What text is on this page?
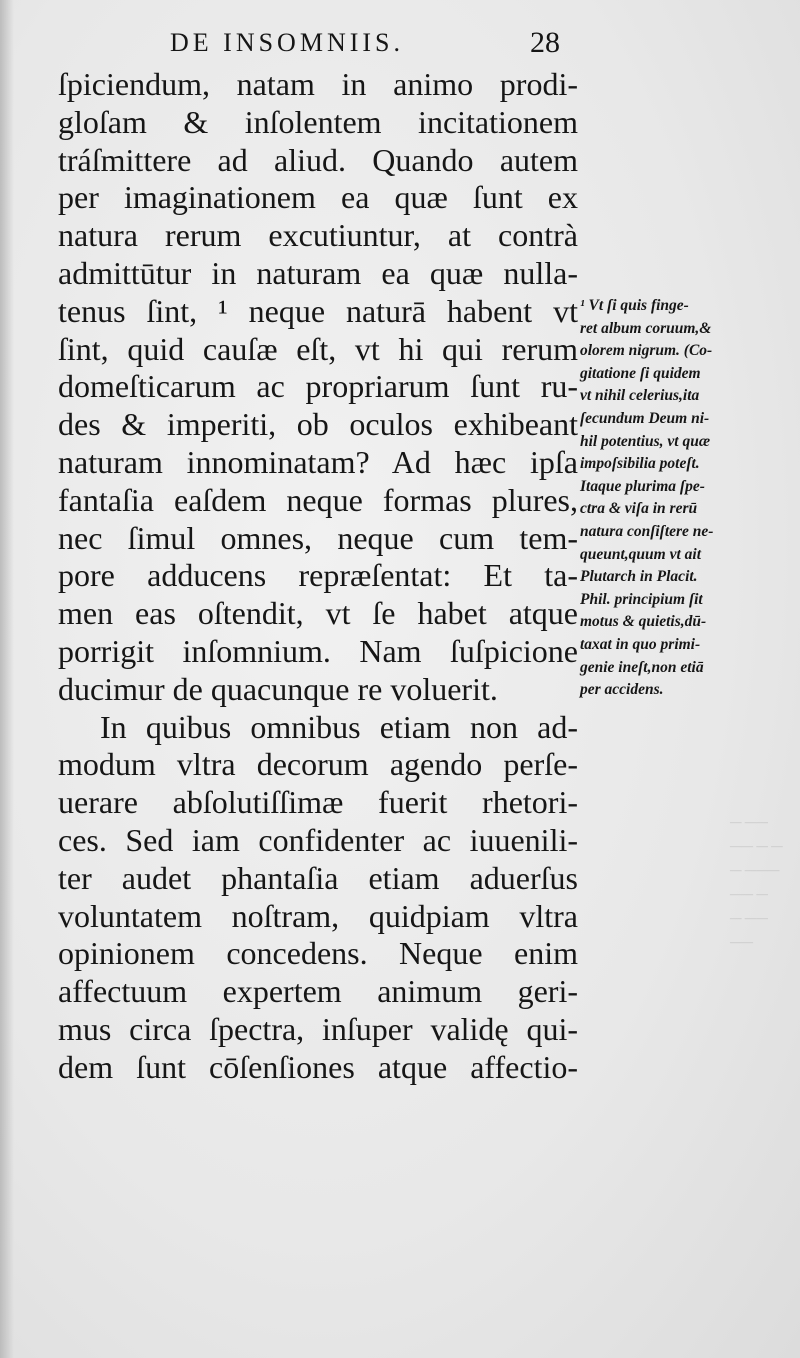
DE INSOMNIIS.	28
ſpiciendum, natam in animo prodi-
gloſam & inſolentem incitationem
tráſmittere ad aliud. Quando autem
per imaginationem ea quæ ſunt ex
natura rerum excutiuntur, at contrà
admittūtur in naturam ea quæ nulla-
tenus ſint, ¹ neque naturā habent vt
ſint, quid cauſæ eſt, vt hi qui rerum
domeſticarum ac propriarum ſunt ru-
des & imperiti, ob oculos exhibeant
naturam innominatam? Ad hæc ipſa
fantaſia eaſdem neque formas plures,
nec ſimul omnes, neque cum tem-
pore adducens repræſentat: Et ta-
men eas oſtendit, vt ſe habet atque
porrigit inſomnium. Nam ſuſpicione
ducimur de quacunque re voluerit.
In quibus omnibus etiam non ad-
modum vltra decorum agendo perſe-
uerare abſolutiſſimæ fuerit rhetori-
ces. Sed iam confidenter ac iuuenili-
ter audet phantaſia etiam aduerſus
voluntatem noſtram, quidpiam vltra
opinionem concedens. Neque enim
affectuum expertem animum geri-
mus circa ſpectra, inſuper validę qui-
dem ſunt cōſenſiones atque affectio-
¹ Vt ſi quis finge-
ret album coruum,&
olorem nigrum. (Co-
gitatione ſi quidem
vt nihil celerius,ita
ſecundum Deum ni-
hil potentius, vt quæ
impoſsibilia poteſt.
Itaque plurima ſpe-
ctra & viſa in rerū
natura conſiſtere ne-
queunt,quum vt ait
Plutarch in Placit.
Phil. principium ſit
motus & quietis,dū-
taxat in quo primi-
genie ineſt,non etiā
per accidens.
— ——
—— — —
— ———
—— —
— ——
——
